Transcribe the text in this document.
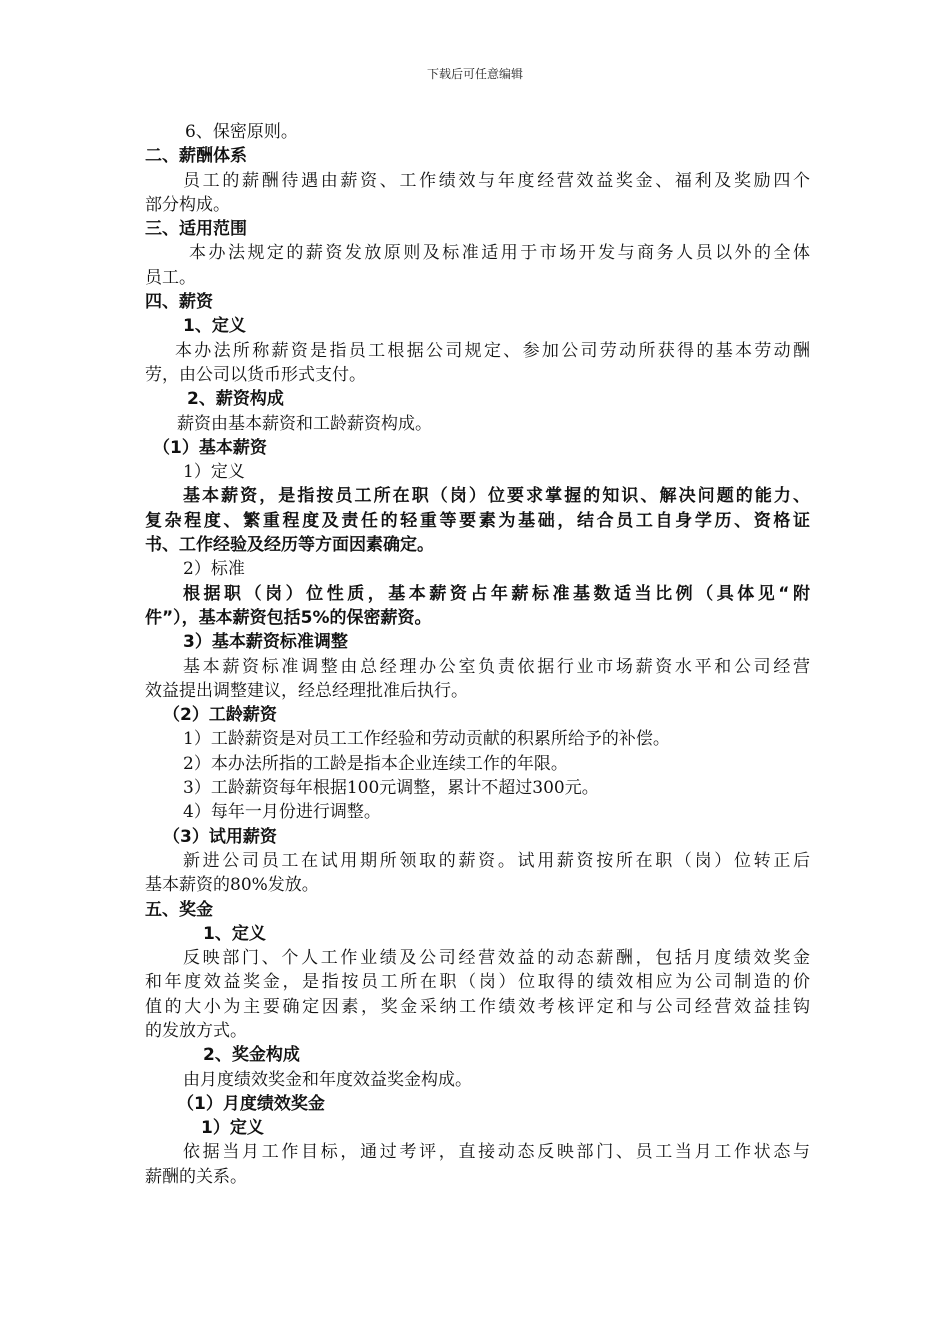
下载后可任意编辑
6、保密原则。
二、薪酬体系
员工的薪酬待遇由薪资、工作绩效与年度经营效益奖金、福利及奖励四个
部分构成。
三、适用范围
本办法规定的薪资发放原则及标准适用于市场开发与商务人员以外的全体
员工。
四、薪资
1、定义
本办法所称薪资是指员工根据公司规定、参加公司劳动所获得的基本劳动酬
劳，由公司以货币形式支付。
2、薪资构成
薪资由基本薪资和工龄薪资构成。
（1）基本薪资
1）定义
基本薪资，是指按员工所在职（岗）位要求掌握的知识、解决问题的能力、
复杂程度、繁重程度及责任的轻重等要素为基础，结合员工自身学历、资格证
书、工作经验及经历等方面因素确定。
2）标准
根据职（岗）位性质，基本薪资占年薪标准基数适当比例（具体见“附
件”），基本薪资包括5%的保密薪资。
3）基本薪资标准调整
基本薪资标准调整由总经理办公室负责依据行业市场薪资水平和公司经营
效益提出调整建议，经总经理批准后执行。
（2）工龄薪资
1）工龄薪资是对员工工作经验和劳动贡献的积累所给予的补偿。
2）本办法所指的工龄是指本企业连续工作的年限。
3）工龄薪资每年根据100元调整，累计不超过300元。
4）每年一月份进行调整。
（3）试用薪资
新进公司员工在试用期所领取的薪资。试用薪资按所在职（岗）位转正后
基本薪资的80%发放。
五、奖金
1、定义
反映部门、个人工作业绩及公司经营效益的动态薪酬，包括月度绩效奖金
和年度效益奖金，是指按员工所在职（岗）位取得的绩效相应为公司制造的价
值的大小为主要确定因素，奖金采纳工作绩效考核评定和与公司经营效益挂钩
的发放方式。
2、奖金构成
由月度绩效奖金和年度效益奖金构成。
（1）月度绩效奖金
1）定义
依据当月工作目标，通过考评，直接动态反映部门、员工当月工作状态与
薪酬的关系。
